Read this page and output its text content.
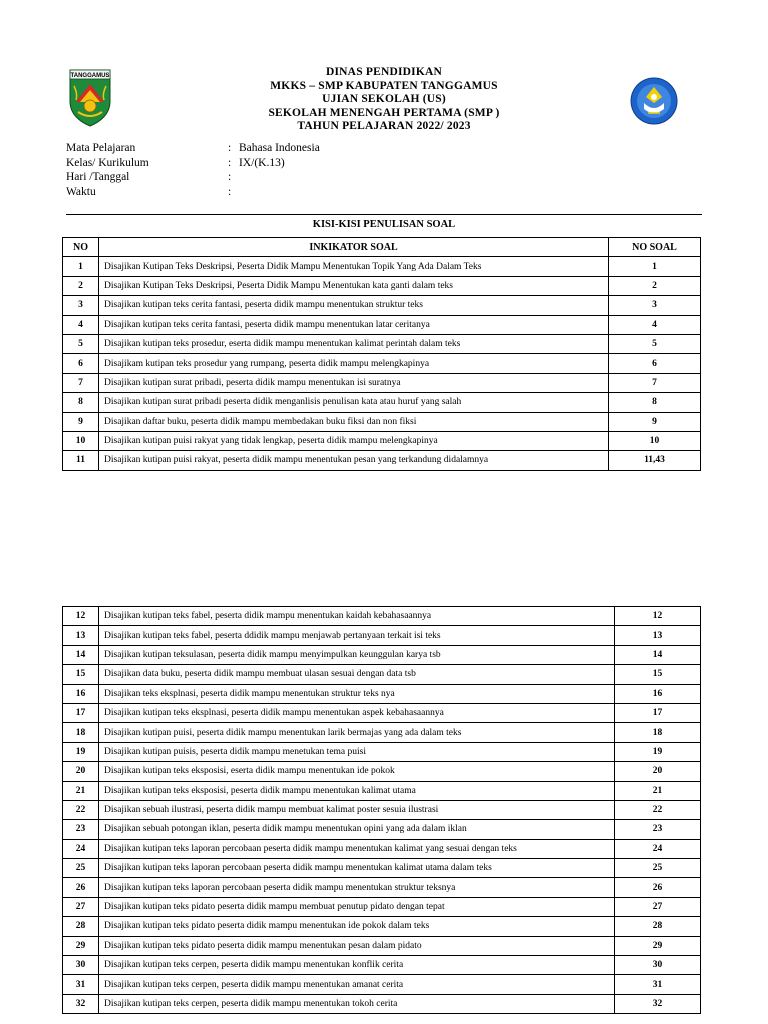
TANGGAMUS	DINAS PENDIDIKAN
MKKS – SMP KABUPATEN TANGGAMUS
UJIAN SEKOLAH (US)
SEKOLAH MENENGAH PERTAMA (SMP )
TAHUN PELAJARAN 2022/ 2023
Mata Pelajaran	: Bahasa Indonesia
Kelas/ Kurikulum	: IX/(K.13)
Hari /Tanggal	:
Waktu	:
KISI-KISI PENULISAN SOAL
NO	INKIKATOR SOAL	NO SOAL
1	Disajikan Kutipan Teks Deskripsi, Peserta Didik Mampu Menentukan Topik Yang Ada Dalam Teks	1
2	Disajikan Kutipan Teks Deskripsi, Peserta Didik Mampu Menentukan kata ganti dalam teks	2
3	Disajikan kutipan teks cerita fantasi, peserta didik mampu menentukan struktur teks	3
4	Disajikan kutipan teks cerita fantasi, peserta didik mampu menentukan latar ceritanya	4
5	Disajikan kutipan teks prosedur, eserta didik mampu menentukan kalimat perintah dalam teks	5
6	Disajikam kutipan teks prosedur yang rumpang, peserta didik mampu melengkapinya	6
7	Disajikan kutipan surat pribadi, peserta didik mampu menentukan isi suratnya	7
8	Disajikan kutipan surat pribadi peserta didik menganlisis penulisan kata atau huruf yang salah	8
9	Disajikan daftar buku, peserta didik mampu membedakan buku fiksi dan non fiksi	9
10	Disajikan kutipan puisi rakyat yang tidak lengkap, peserta didik mampu melengkapinya	10
11	Disajikan kutipan puisi rakyat, peserta didik mampu menentukan pesan yang terkandung didalamnya	11,43
12	Disajikan kutipan teks fabel, peserta didik mampu menentukan kaidah kebahasaannya	12
13	Disajikan kutipan teks fabel, peserta ddidik mampu menjawab pertanyaan terkait isi teks	13
14	Disajikan kutipan teksulasan, peserta didik mampu menyimpulkan keunggulan karya tsb	14
15	Disajikan data buku, peserta didik mampu membuat ulasan sesuai dengan data tsb	15
16	Disajikan teks eksplnasi, peserta didik mampu menentukan struktur teks nya	16
17	Disajikan kutipan teks eksplnasi, peserta didik mampu menentukan aspek kebahasaannya	17
18	Disajikan kutipan puisi, peserta didik mampu menentukan larik bermajas yang ada dalam teks	18
19	Disajikan kutipan puisis, peserta didik mampu menetukan tema puisi	19
20	Disajikan kutipan teks eksposisi, eserta didik mampu menentukan ide pokok	20
21	Disajikan kutipan teks eksposisi, peserta didik mampu menentukan kalimat utama	21
22	Disajikan sebuah ilustrasi, peserta didik mampu membuat kalimat poster sesuia ilustrasi	22
23	Disajikan sebuah potongan iklan, peserta didik mampu menentukan opini yang ada dalam iklan	23
24	Disajikan kutipan teks laporan percobaan peserta didik mampu menentukan kalimat yang sesuai dengan teks	24
25	Disajikan kutipan teks laporan percobaan peserta didik mampu menentukan kalimat utama dalam teks	25
26	Disajikan kutipan teks laporan percobaan peserta didik mampu menentukan struktur teksnya	26
27	Disajikan kutipan teks pidato peserta didik mampu membuat penutup pidato dengan tepat	27
28	Disajikan kutipan teks pidato peserta didik mampu menentukan ide pokok dalam teks	28
29	Disajikan kutipan teks pidato peserta didik mampu menentukan pesan dalam pidato	29
30	Disajikan kutipan teks cerpen, peserta didik mampu menentukan konflik cerita	30
31	Disajikan kutipan teks cerpen, peserta didik mampu menentukan amanat cerita	31
32	Disajikan kutipan teks cerpen, peserta didik mampu menentukan tokoh cerita	32
